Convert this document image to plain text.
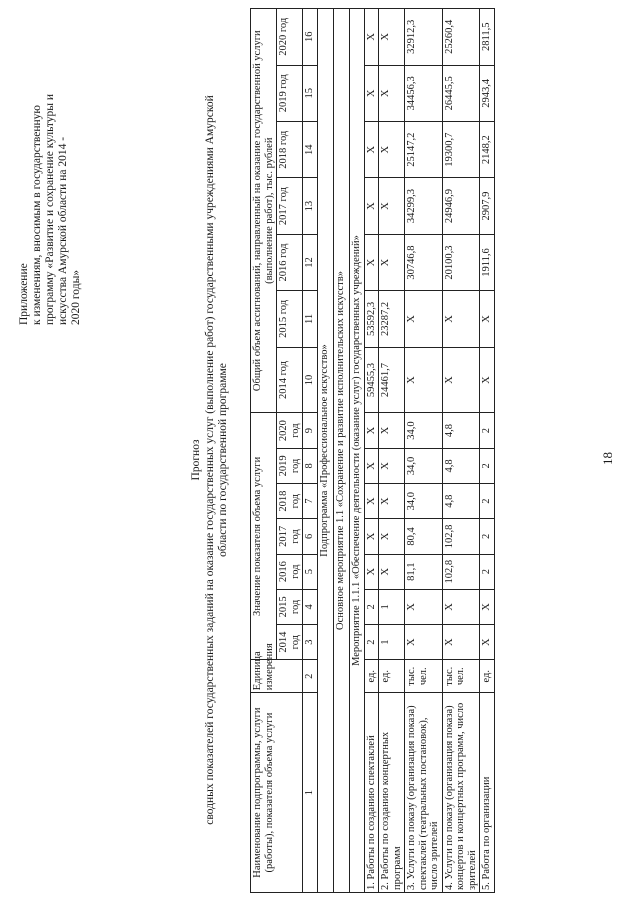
18
Приложение к изменениям, вносимым в государственную программу «Развитие и сохранение культуры и искусства Амурской области на 2014 - 2020 годы»
Прогноз сводных показателей государственных заданий на оказание государственных услуг (выполнение работ) государственными учреждениями Амурской области по государственной программе
Наименование подпрограммы, услуги (работы), показателя объема услуги	Единица измерения	Значение показателя объема услуги							Общий объем ассигнований, направленный на оказание государственной услуги (выполнение работ), тыс. рублей						
		2014 год	2015 год	2016 год	2017 год	2018 год	2019 год	2020 год	2014 год	2015 год	2016 год	2017 год	2018 год	2019 год	2020 год
1	2	3	4	5	6	7	8	9	10	11	12	13	14	15	16
Подпрограмма «Профессиональное искусство»															
Основное мероприятие 1.1 «Сохранение и развитие исполнительских искусств»															
Мероприятие 1.1.1 «Обеспечение деятельности (оказание услуг) государственных учреждений»															
1. Работы по созданию спектаклей	ед.	2	2	X	X	X	X	X	59455,3	53592,3	X	X	X	X	X
2. Работы по созданию концертных программ	ед.	1	1	X	X	X	X	X	24461,7	23287,2	X	X	X	X	X
3. Услуги по показу (организация показа) спектаклей (театральных постановок), число зрителей	тыс. чел.	X	X	81,1	80,4	34,0	34,0	34,0	X	X	30746,8	34299,3	25147,2	34456,3	32912,3
4. Услуги по показу (организация показа) концертов и концертных программ, число зрителей	тыс. чел.	X	X	102,8	102,8	4,8	4,8	4,8	X	X	20100,3	24946,9	19300,7	26445,5	25260,4
5. Работа по организации	ед.	X	X	2	2	2	2	2	X	X	1911,6	2907,9	2148,2	2943,4	2811,5
